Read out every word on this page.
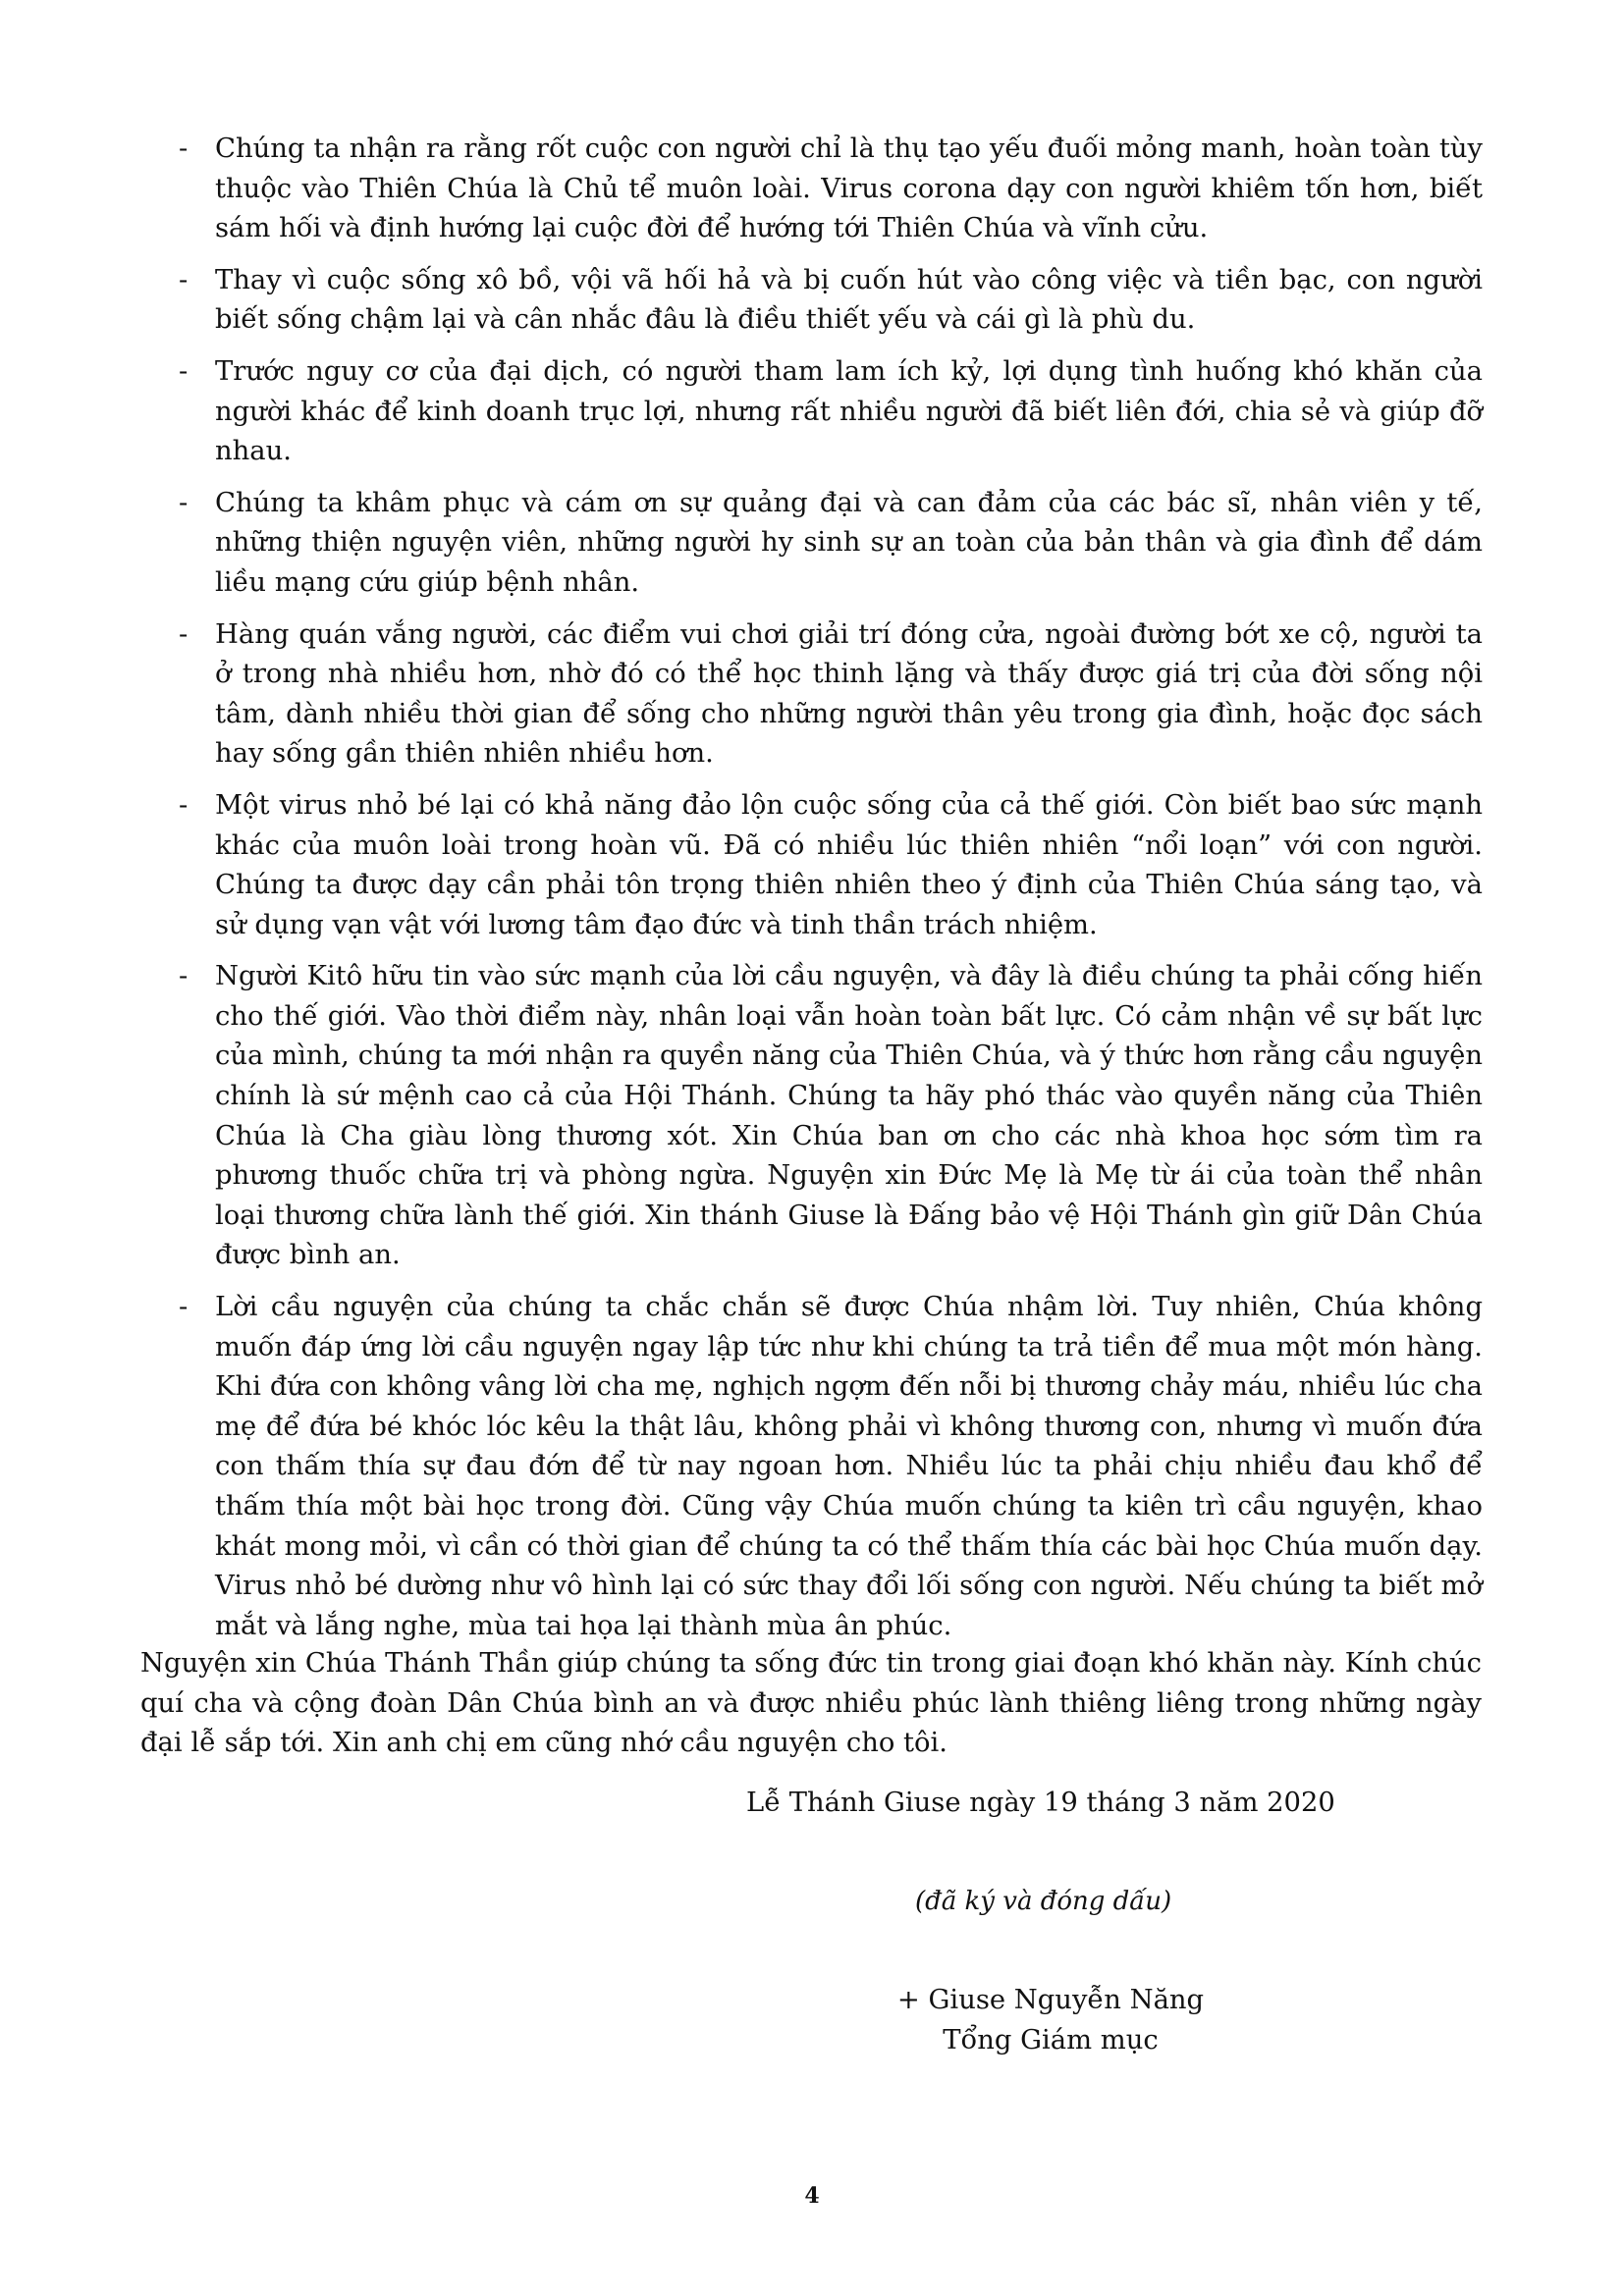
- Chúng ta nhận ra rằng rốt cuộc con người chỉ là thụ tạo yếu đuối mỏng manh, hoàn toàn tùy thuộc vào Thiên Chúa là Chủ tể muôn loài. Virus corona dạy con người khiêm tốn hơn, biết sám hối và định hướng lại cuộc đời để hướng tới Thiên Chúa và vĩnh cửu.
- Thay vì cuộc sống xô bồ, vội vã hối hả và bị cuốn hút vào công việc và tiền bạc, con người biết sống chậm lại và cân nhắc đâu là điều thiết yếu và cái gì là phù du.
- Trước nguy cơ của đại dịch, có người tham lam ích kỷ, lợi dụng tình huống khó khăn của người khác để kinh doanh trục lợi, nhưng rất nhiều người đã biết liên đới, chia sẻ và giúp đỡ nhau.
- Chúng ta khâm phục và cám ơn sự quảng đại và can đảm của các bác sĩ, nhân viên y tế, những thiện nguyện viên, những người hy sinh sự an toàn của bản thân và gia đình để dám liều mạng cứu giúp bệnh nhân.
- Hàng quán vắng người, các điểm vui chơi giải trí đóng cửa, ngoài đường bớt xe cộ, người ta ở trong nhà nhiều hơn, nhờ đó có thể học thinh lặng và thấy được giá trị của đời sống nội tâm, dành nhiều thời gian để sống cho những người thân yêu trong gia đình, hoặc đọc sách hay sống gần thiên nhiên nhiều hơn.
- Một virus nhỏ bé lại có khả năng đảo lộn cuộc sống của cả thế giới. Còn biết bao sức mạnh khác của muôn loài trong hoàn vũ. Đã có nhiều lúc thiên nhiên “nổi loạn” với con người. Chúng ta được dạy cần phải tôn trọng thiên nhiên theo ý định của Thiên Chúa sáng tạo, và sử dụng vạn vật với lương tâm đạo đức và tinh thần trách nhiệm.
- Người Kitô hữu tin vào sức mạnh của lời cầu nguyện, và đây là điều chúng ta phải cống hiến cho thế giới. Vào thời điểm này, nhân loại vẫn hoàn toàn bất lực. Có cảm nhận về sự bất lực của mình, chúng ta mới nhận ra quyền năng của Thiên Chúa, và ý thức hơn rằng cầu nguyện chính là sứ mệnh cao cả của Hội Thánh. Chúng ta hãy phó thác vào quyền năng của Thiên Chúa là Cha giàu lòng thương xót. Xin Chúa ban ơn cho các nhà khoa học sớm tìm ra phương thuốc chữa trị và phòng ngừa. Nguyện xin Đức Mẹ là Mẹ từ ái của toàn thể nhân loại thương chữa lành thế giới. Xin thánh Giuse là Đấng bảo vệ Hội Thánh gìn giữ Dân Chúa được bình an.
- Lời cầu nguyện của chúng ta chắc chắn sẽ được Chúa nhậm lời. Tuy nhiên, Chúa không muốn đáp ứng lời cầu nguyện ngay lập tức như khi chúng ta trả tiền để mua một món hàng. Khi đứa con không vâng lời cha mẹ, nghịch ngợm đến nỗi bị thương chảy máu, nhiều lúc cha mẹ để đứa bé khóc lóc kêu la thật lâu, không phải vì không thương con, nhưng vì muốn đứa con thấm thía sự đau đớn để từ nay ngoan hơn. Nhiều lúc ta phải chịu nhiều đau khổ để thấm thía một bài học trong đời. Cũng vậy Chúa muốn chúng ta kiên trì cầu nguyện, khao khát mong mỏi, vì cần có thời gian để chúng ta có thể thấm thía các bài học Chúa muốn dạy. Virus nhỏ bé dường như vô hình lại có sức thay đổi lối sống con người. Nếu chúng ta biết mở mắt và lắng nghe, mùa tai họa lại thành mùa ân phúc.

Nguyện xin Chúa Thánh Thần giúp chúng ta sống đức tin trong giai đoạn khó khăn này. Kính chúc quí cha và cộng đoàn Dân Chúa bình an và được nhiều phúc lành thiêng liêng trong những ngày đại lễ sắp tới. Xin anh chị em cũng nhớ cầu nguyện cho tôi.

Lễ Thánh Giuse ngày 19 tháng 3 năm 2020

(đã ký và đóng dấu)

+ Giuse Nguyễn Năng
Tổng Giám mục
4
